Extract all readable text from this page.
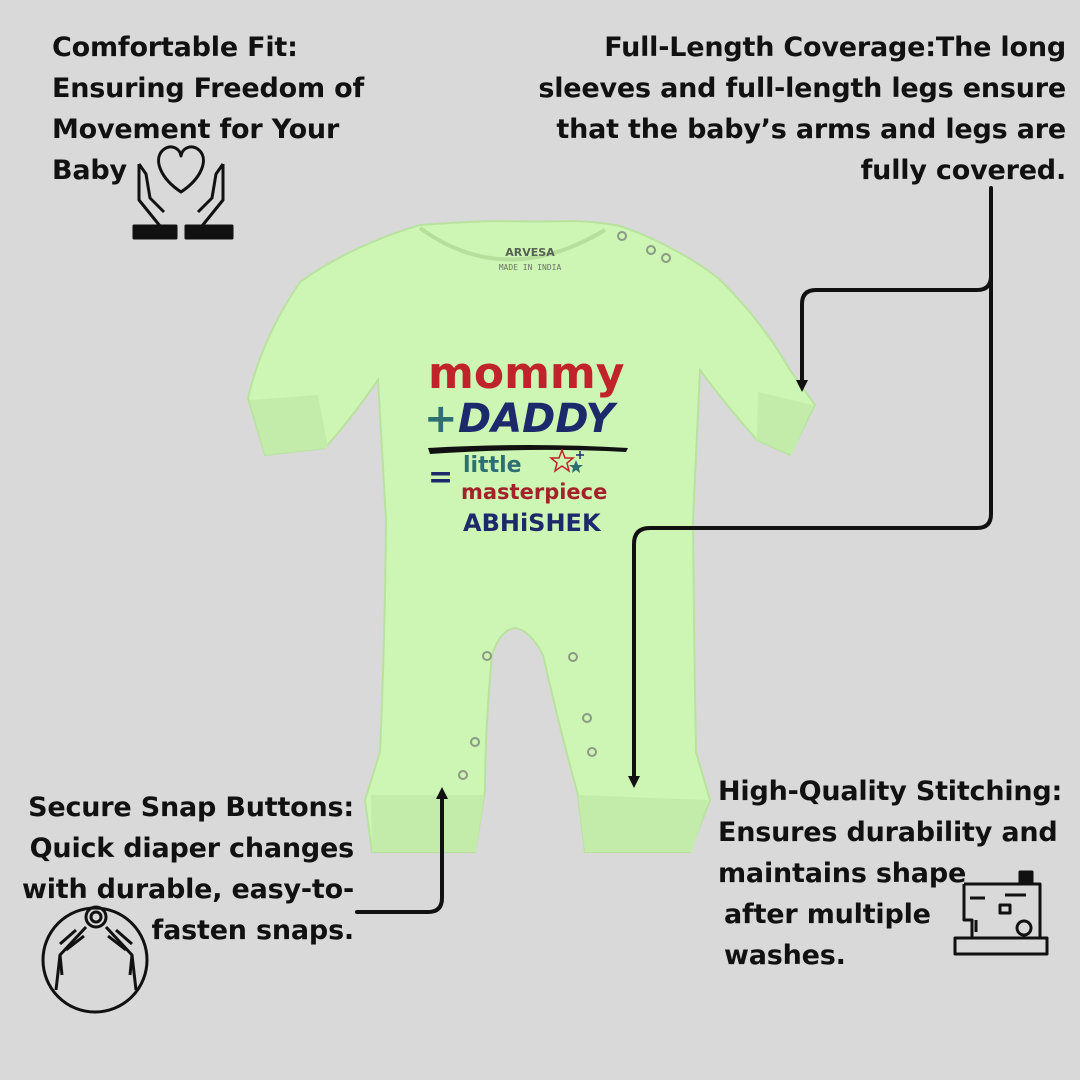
ARVESA
MADE IN INDIA
mommy
+ DADDY
= little
masterpiece
ABHiSHEK
Comfortable Fit:
Ensuring Freedom of
Movement for Your
Baby
Full-Length Coverage:The long
sleeves and full-length legs ensure
that the baby’s arms and legs are
fully covered.
Secure Snap Buttons:
Quick diaper changes
with durable, easy-to-
fasten snaps.
High-Quality Stitching:
Ensures durability and
maintains shape
after multiple
washes.
